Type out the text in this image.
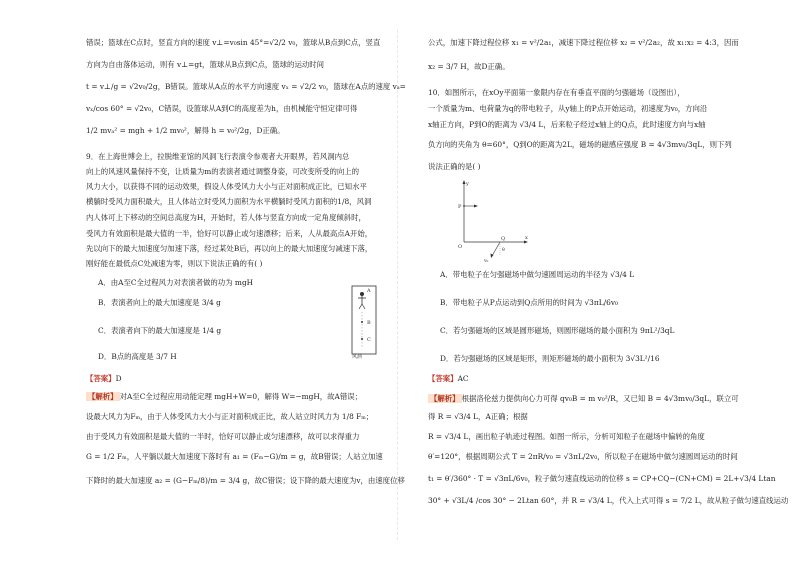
错误；篮球在C点时，竖直方向的速度 v⊥=v₀sin 45°=√2/2 v₀，篮球从B点到C点，竖直
方向为自由落体运动，则有 v⊥=gt，篮球从B点到C点，篮球的运动时间
t = v⊥/g = √2v₀/2g，B错误。篮球从A点的水平方向速度 vₓ = √2/2 v₀，篮球在A点的速度 vₐ=
vₓ/cos 60° = √2v₀，C错误，设篮球从A到C的高度差为h，由机械能守恒定律可得
1/2 mvₐ² = mgh + 1/2 mv₀²，解得 h = v₀²/2g，D正确。
9．在上海世博会上，拉脱维亚馆的风洞飞行表演令参观者大开眼界，若风洞内总
向上的风速风量保持不变，让质量为m的表演者通过调整身姿，可改变所受的向上的
风力大小，以获得不同的运动效果，假设人体受风力大小与正对面积成正比，已知水平
横躺时受风力面积最大，且人体站立时受风力面积为水平横躺时受风力面积的1/8，风洞
内人体可上下移动的空间总高度为H，开始时，若人体与竖直方向成一定角度倾斜时，
受风力有效面积是最大值的一半，恰好可以静止或匀速漂移；后来，人从最高点A开始，
先以向下的最大加速度匀加速下落，经过某处B后，再以向上的最大加速度匀减速下落，
刚好能在最低点C处减速为零，则以下说法正确的有( )
A．由A至C全过程风力对表演者做的功为 mgH
B．表演者向上的最大加速度是 3/4 g
C．表演者向下的最大加速度是 1/4 g
D．B点的高度是 3/7 H
A
B
C
风洞
【答案】D
【解析】 对A至C全过程应用动能定理 mgH+W=0，解得 W=−mgH，故A错误；
设最大风力为Fₘ，由于人体受风力大小与正对面积成正比，故人站立时风力为 1/8 Fₘ；
由于受风力有效面积是最大值的一半时，恰好可以静止或匀速漂移，故可以求得重力
G = 1/2 Fₘ，人平躺以最大加速度下落时有 a₁ = (Fₘ−G)/m = g，故B错误；人站立加速
下降时的最大加速度 a₂ = (G−Fₘ/8)/m = 3/4 g，故C错误；设下降的最大速度为v，由速度位移
公式，加速下降过程位移 x₁ = v²/2a₁，减速下降过程位移 x₂ = v²/2a₂，故 x₁:x₂ = 4:3，因而
x₂ = 3/7 H，故D正确。
10．如图所示，在xOy平面第一象限内存在有垂直平面的匀强磁场（设图出），
一个质量为m、电荷量为q的带电粒子，从y轴上的P点开始运动，初速度为v₀，方向沿
x轴正方向，P到O的距离为 √3/4 L，后来粒子经过x轴上的Q点，此时速度方向与x轴
负方向的夹角为 θ=60°，Q到O的距离为2L，磁场的磁感应强度 B = 4√3mv₀/3qL，则下列
说法正确的是( )
y
x
O
P
Q
θ
v₀
A．带电粒子在匀强磁场中做匀速圆周运动的半径为 √3/4 L
B．带电粒子从P点运动到Q点所用的时间为 √3πL/6v₀
C．若匀强磁场的区域是圆形磁场，则圆形磁场的最小面积为 9πL²/3qL
D．若匀强磁场的区域是矩形，则矩形磁场的最小面积为 3√3L²/16
【答案】AC
【解析】 根据洛伦兹力提供向心力可得 qv₀B = m v₀²/R，又已知 B = 4√3mv₀/3qL，联立可
得 R = √3/4 L，A正确；根据
R = √3/4 L，画出粒子轨迹过程图。如图一所示，分析可知粒子在磁场中偏转的角度
θ′=120°，根据周期公式 T = 2πR/v₀ = √3πL/2v₀，所以粒子在磁场中做匀速圆周运动的时间
t₁ = θ′/360° · T = √3πL/6v₀，粒子做匀速直线运动的位移 s = CP+CQ−(CN+CM) = 2L+√3/4 Ltan
30° + √3L/4 /cos 30° − 2Ltan 60°，并 R = √3/4 L，代入上式可得 s = 7/2 L，故从粒子做匀速直线运动
